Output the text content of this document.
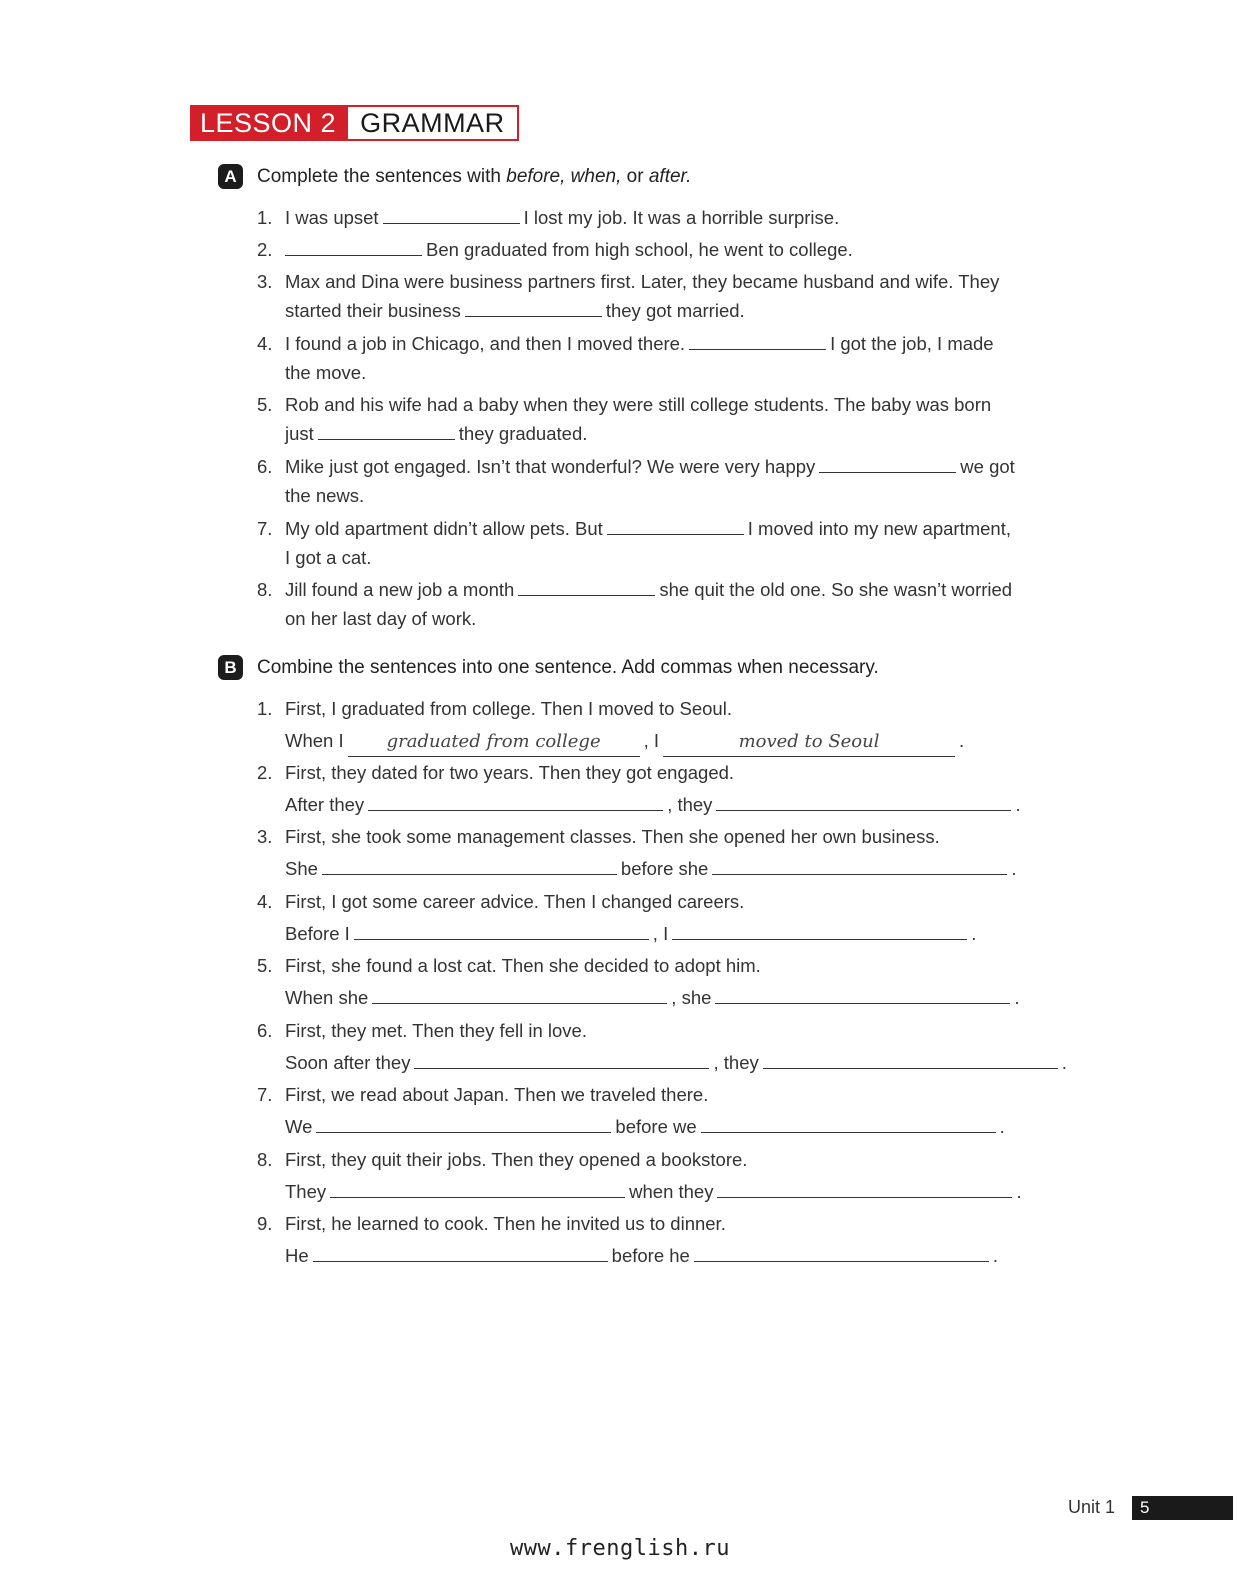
LESSON 2 GRAMMAR
A	Complete the sentences with before, when, or after.
1. I was upset	I lost my job. It was a horrible surprise.
2.	Ben graduated from high school, he went to college.
3. Max and Dina were business partners first. Later, they became husband and wife. They
started their business	they got married.
4. I found a job in Chicago, and then I moved there.	I got the job, I made
the move.
5. Rob and his wife had a baby when they were still college students. The baby was born
just	they graduated.
6. Mike just got engaged. Isn’t that wonderful? We were very happy	we got
the news.
7. My old apartment didn’t allow pets. But	I moved into my new apartment,
I got a cat.
8. Jill found a new job a month	she quit the old one. So she wasn’t worried
on her last day of work.
B	Combine the sentences into one sentence. Add commas when necessary.
1. First, I graduated from college. Then I moved to Seoul.
When I graduated from college , I	moved to Seoul	.
2. First, they dated for two years. Then they got engaged.
After they	, they	.
3. First, she took some management classes. Then she opened her own business.
She	before she	.
4. First, I got some career advice. Then I changed careers.
Before I	, I	.
5. First, she found a lost cat. Then she decided to adopt him.
When she	, she	.
6. First, they met. Then they fell in love.
Soon after they	, they	.
7. First, we read about Japan. Then we traveled there.
We	before we	.
8. First, they quit their jobs. Then they opened a bookstore.
They	when they	.
9. First, he learned to cook. Then he invited us to dinner.
He	before he	.
Unit 1	5
www.frenglish.ru
